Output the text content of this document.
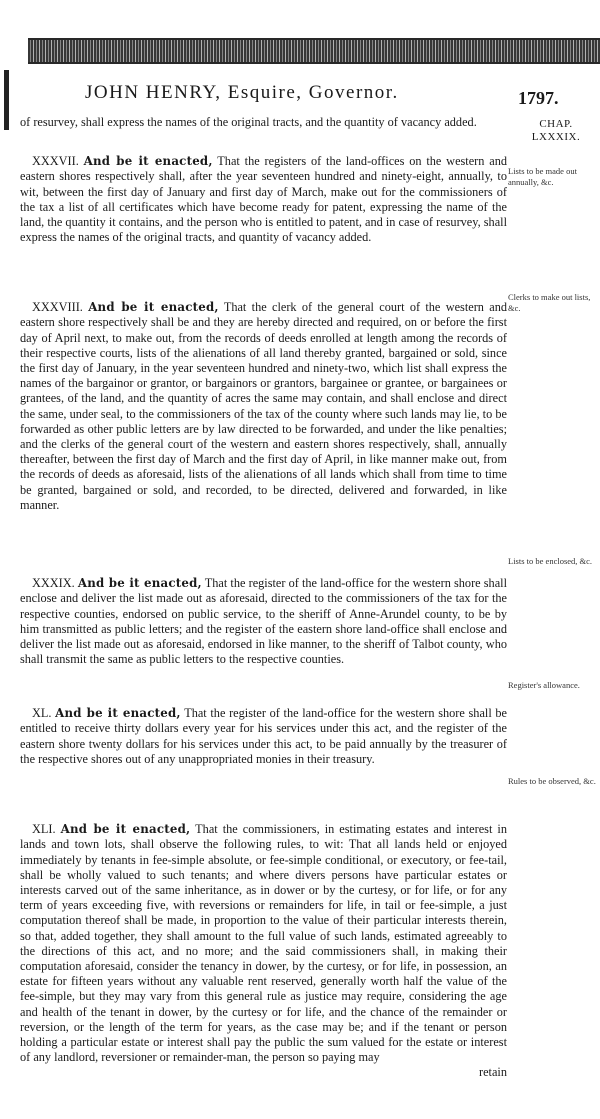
JOHN HENRY, Esquire, Governor.	1797.
CHAP.
LXXXIX.

of resurvey, shall express the names of the original tracts, and the quantity of vacancy added.

XXXVII. And be it enacted, That the registers of the land-offices on the western and eastern shores respectively shall, after the year seventeen hundred and ninety-eight, annually, to wit, between the first day of January and first day of March, make out for the commissioners of the tax a list of all certificates which have become ready for patent, expressing the name of the land, the quantity it contains, and the person who is entitled to patent, and in case of resurvey, shall express the names of the original tracts, and quantity of vacancy added.

XXXVIII. And be it enacted, That the clerk of the general court of the western and eastern shore respectively shall be and they are hereby directed and required, on or before the first day of April next, to make out, from the records of deeds enrolled at length among the records of their respective courts, lists of the alienations of all land thereby granted, bargained or sold, since the first day of January, in the year seventeen hundred and ninety-two, which list shall express the names of the bargainor or grantor, or bargainors or grantors, bargainee or grantee, or bargainees or grantees, of the land, and the quantity of acres the same may contain, and shall enclose and direct the same, under seal, to the commissioners of the tax of the county where such lands may lie, to be forwarded as other public letters are by law directed to be forwarded, and under the like penalties; and the clerks of the general court of the western and eastern shores respectively, shall, annually thereafter, between the first day of March and the first day of April, in like manner make out, from the records of deeds as aforesaid, lists of the alienations of all lands which shall from time to time be granted, bargained or sold, and recorded, to be directed, delivered and forwarded, in like manner.

XXXIX. And be it enacted, That the register of the land-office for the western shore shall enclose and deliver the list made out as aforesaid, directed to the commissioners of the tax for the respective counties, endorsed on public service, to the sheriff of Anne-Arundel county, to be by him transmitted as public letters; and the register of the eastern shore land-office shall enclose and deliver the list made out as aforesaid, endorsed in like manner, to the sheriff of Talbot county, who shall transmit the same as public letters to the respective counties.

XL. And be it enacted, That the register of the land-office for the western shore shall be entitled to receive thirty dollars every year for his services under this act, and the register of the eastern shore twenty dollars for his services under this act, to be paid annually by the treasurer of the respective shores out of any unappropriated monies in their treasury.

XLI. And be it enacted, That the commissioners, in estimating estates and interest in lands and town lots, shall observe the following rules, to wit: That all lands held or enjoyed immediately by tenants in fee-simple absolute, or fee-simple conditional, or executory, or fee-tail, shall be wholly valued to such tenants; and where divers persons have particular estates or interests carved out of the same inheritance, as in dower or by the curtesy, or for life, or for any term of years exceeding five, with reversions or remainders for life, in tail or fee-simple, a just computation thereof shall be made, in proportion to the value of their particular interests therein, so that, added together, they shall amount to the full value of such lands, estimated agreeably to the directions of this act, and no more; and the said commissioners shall, in making their computation aforesaid, consider the tenancy in dower, by the curtesy, or for life, in possession, an estate for fifteen years without any valuable rent reserved, generally worth half the value of the fee-simple, but they may vary from this general rule as justice may require, considering the age and health of the tenant in dower, by the curtesy or for life, and the chance of the remainder or reversion, or the length of the term for years, as the case may be; and if the tenant or person holding a particular estate or interest shall pay the public the sum valued for the estate or interest of any landlord, reversioner or remainder-man, the person so paying may

retain
Lists to be made out annually, &c.
Clerks to make out lists, &c.
Lists to be enclosed, &c.
Register's allowance.
Rules to be observed, &c.
